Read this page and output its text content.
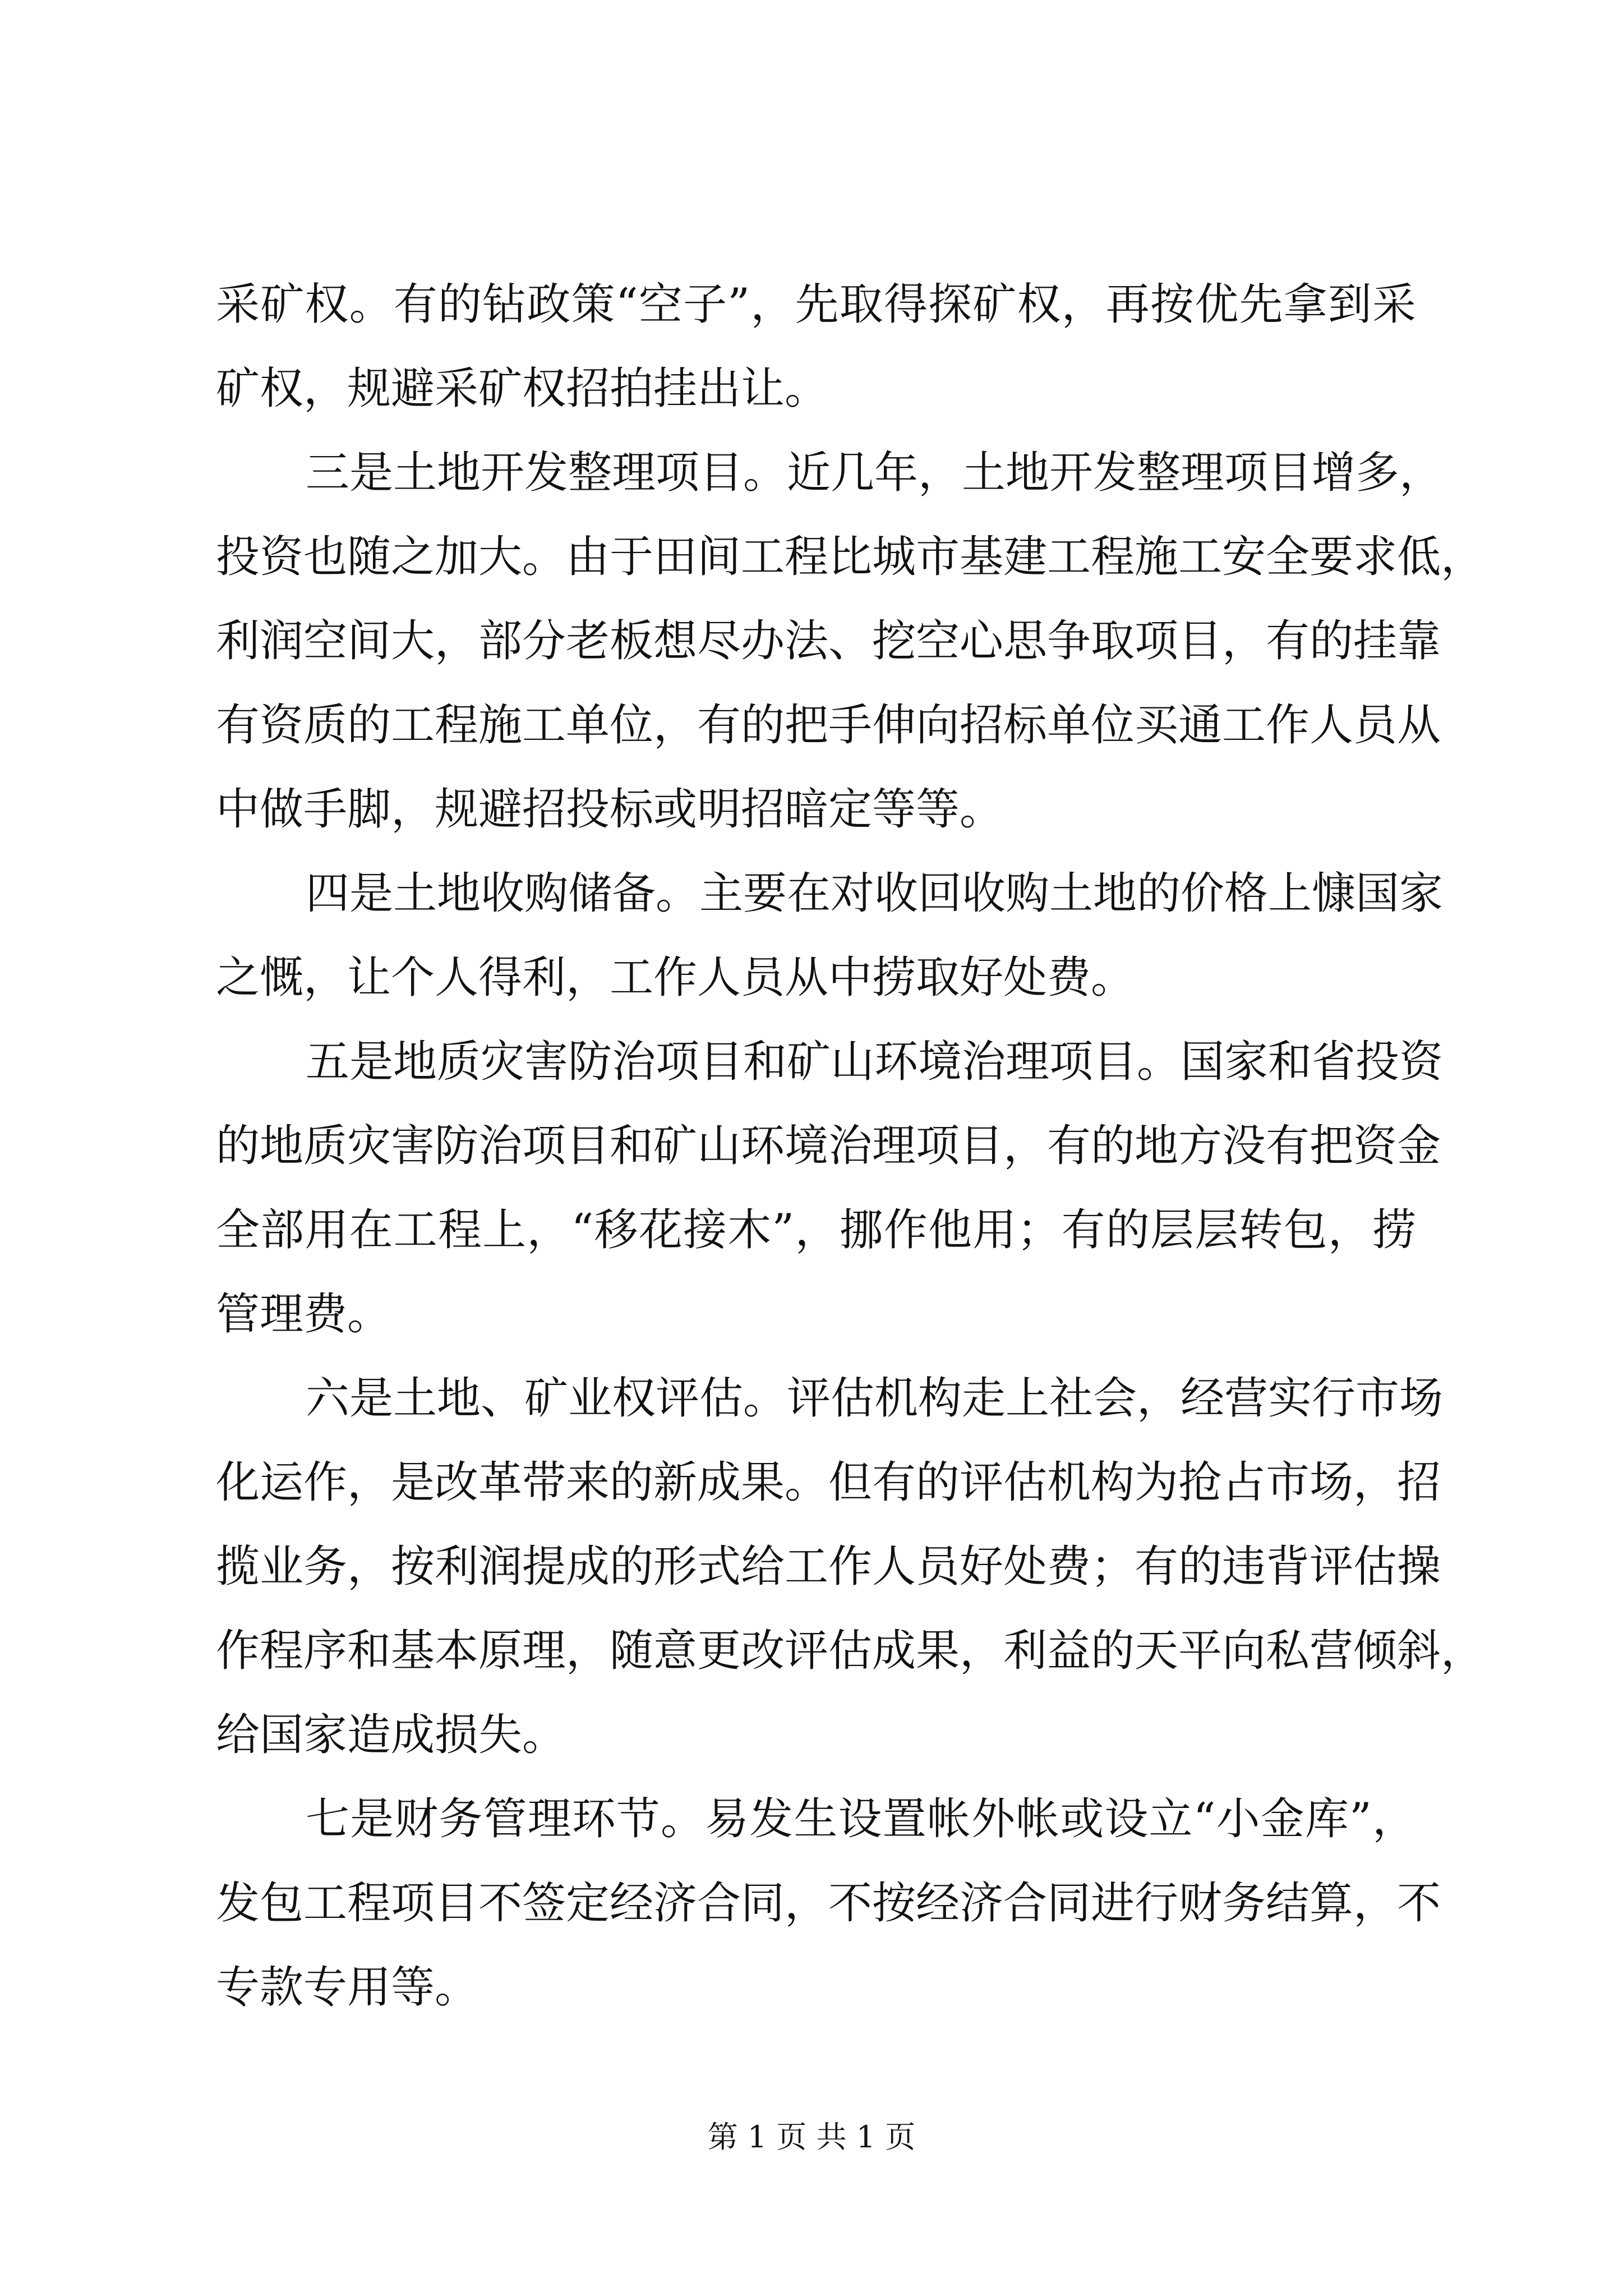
采矿权。有的钻政策“空子”，先取得探矿权，再按优先拿到采
矿权，规避采矿权招拍挂出让。
三是土地开发整理项目。近几年，土地开发整理项目增多，
投资也随之加大。由于田间工程比城市基建工程施工安全要求低，
利润空间大，部分老板想尽办法、挖空心思争取项目，有的挂靠
有资质的工程施工单位，有的把手伸向招标单位买通工作人员从
中做手脚，规避招投标或明招暗定等等。
四是土地收购储备。主要在对收回收购土地的价格上慷国家
之慨，让个人得利，工作人员从中捞取好处费。
五是地质灾害防治项目和矿山环境治理项目。国家和省投资
的地质灾害防治项目和矿山环境治理项目，有的地方没有把资金
全部用在工程上，“移花接木”，挪作他用；有的层层转包，捞
管理费。
六是土地、矿业权评估。评估机构走上社会，经营实行市场
化运作，是改革带来的新成果。但有的评估机构为抢占市场，招
揽业务，按利润提成的形式给工作人员好处费；有的违背评估操
作程序和基本原理，随意更改评估成果，利益的天平向私营倾斜，
给国家造成损失。
七是财务管理环节。易发生设置帐外帐或设立“小金库”，
发包工程项目不签定经济合同，不按经济合同进行财务结算，不
专款专用等。
第 1 页 共 1 页
